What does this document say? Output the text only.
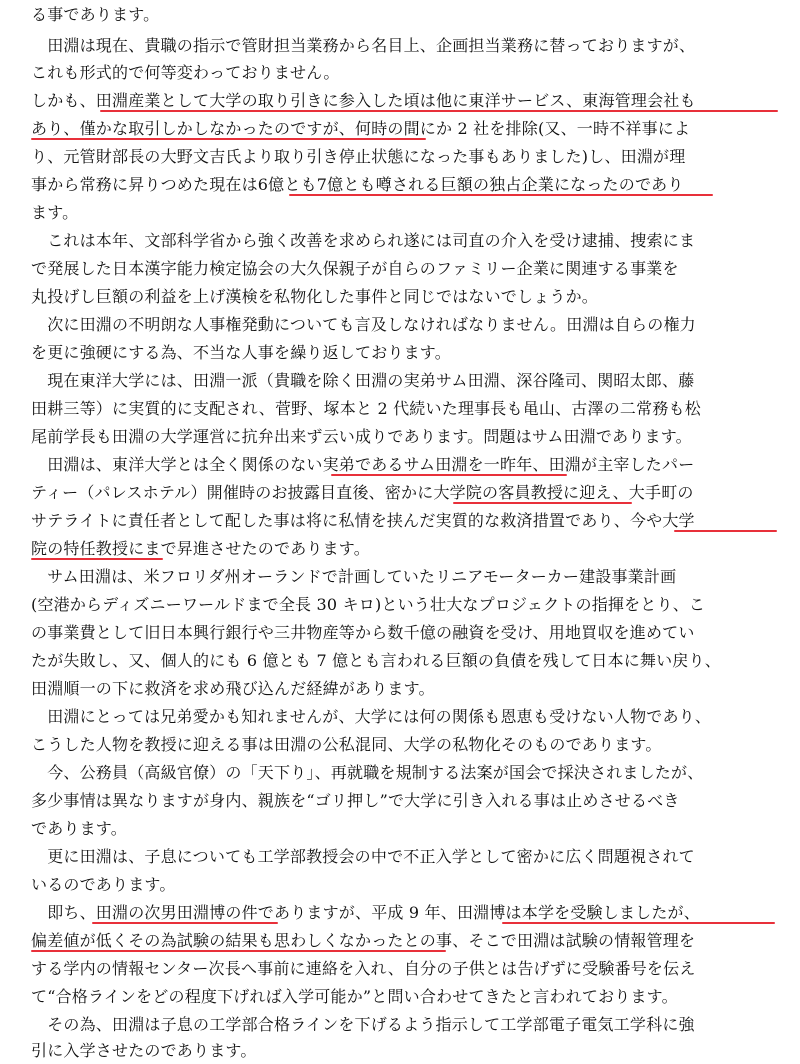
る事であります。
　田淵は現在、貴職の指示で管財担当業務から名目上、企画担当業務に替っておりますが、
これも形式的で何等変わっておりません。
しかも、田淵産業として大学の取り引きに参入した頃は他に東洋サービス、東海管理会社も
あり、僅かな取引しかしなかったのですが、何時の間にか 2 社を排除(又、一時不祥事によ
り、元管財部長の大野文吉氏より取り引き停止状態になった事もありました)し、田淵が理
事から常務に昇りつめた現在は6億とも7億とも噂される巨額の独占企業になったのであり
ます。
　これは本年、文部科学省から強く改善を求められ遂には司直の介入を受け逮捕、捜索にま
で発展した日本漢字能力検定協会の大久保親子が自らのファミリー企業に関連する事業を
丸投げし巨額の利益を上げ漢検を私物化した事件と同じではないでしょうか。
　次に田淵の不明朗な人事権発動についても言及しなければなりません。田淵は自らの権力
を更に強硬にする為、不当な人事を繰り返しております。
　現在東洋大学には、田淵一派（貴職を除く田淵の実弟サム田淵、深谷隆司、関昭太郎、藤
田耕三等）に実質的に支配され、菅野、塚本と 2 代続いた理事長も黾山、古澤の二常務も松
尾前学長も田淵の大学運営に抗弁出来ず云い成りであります。問題はサム田淵であります。
　田淵は、東洋大学とは全く関係のない実弟であるサム田淵を一昨年、田淵が主宰したパー
ティー（パレスホテル）開催時のお披露目直後、密かに大学院の客員教授に迎え、大手町の
サテライトに責任者として配した事は将に私情を挟んだ実質的な救済措置であり、今や大学
院の特任教授にまで昇進させたのであります。
　サム田淵は、米フロリダ州オーランドで計画していたリニアモーターカー建設事業計画
(空港からディズニーワールドまで全長 30 キロ)という壮大なプロジェクトの指揮をとり、こ
の事業費として旧日本興行銀行や三井物産等から数千億の融資を受け、用地買収を進めてい
たが失敗し、又、個人的にも 6 億とも 7 億とも言われる巨額の負債を残して日本に舞い戻り、
田淵順一の下に救済を求め飛び込んだ経緯があります。
　田淵にとっては兄弟愛かも知れませんが、大学には何の関係も恩恵も受けない人物であり、
こうした人物を教授に迎える事は田淵の公私混同、大学の私物化そのものであります。
　今、公務員（高級官僚）の「天下り」、再就職を規制する法案が国会で採決されましたが、
多少事情は異なりますが身内、親族を“ゴリ押し”で大学に引き入れる事は止めさせるべき
であります。
　更に田淵は、子息についても工学部教授会の中で不正入学として密かに広く問題視されて
いるのであります。
　即ち、田淵の次男田淵博の件でありますが、平成 9 年、田淵博は本学を受験しましたが、
偏差値が低くその為試験の結果も思わしくなかったとの事、そこで田淵は試験の情報管理を
する学内の情報センター次長へ事前に連絡を入れ、自分の子供とは告げずに受験番号を伝え
て“合格ラインをどの程度下げれば入学可能か”と問い合わせてきたと言われております。
　その為、田淵は子息の工学部合格ラインを下げるよう指示して工学部電子電気工学科に強
引に入学させたのであります。
